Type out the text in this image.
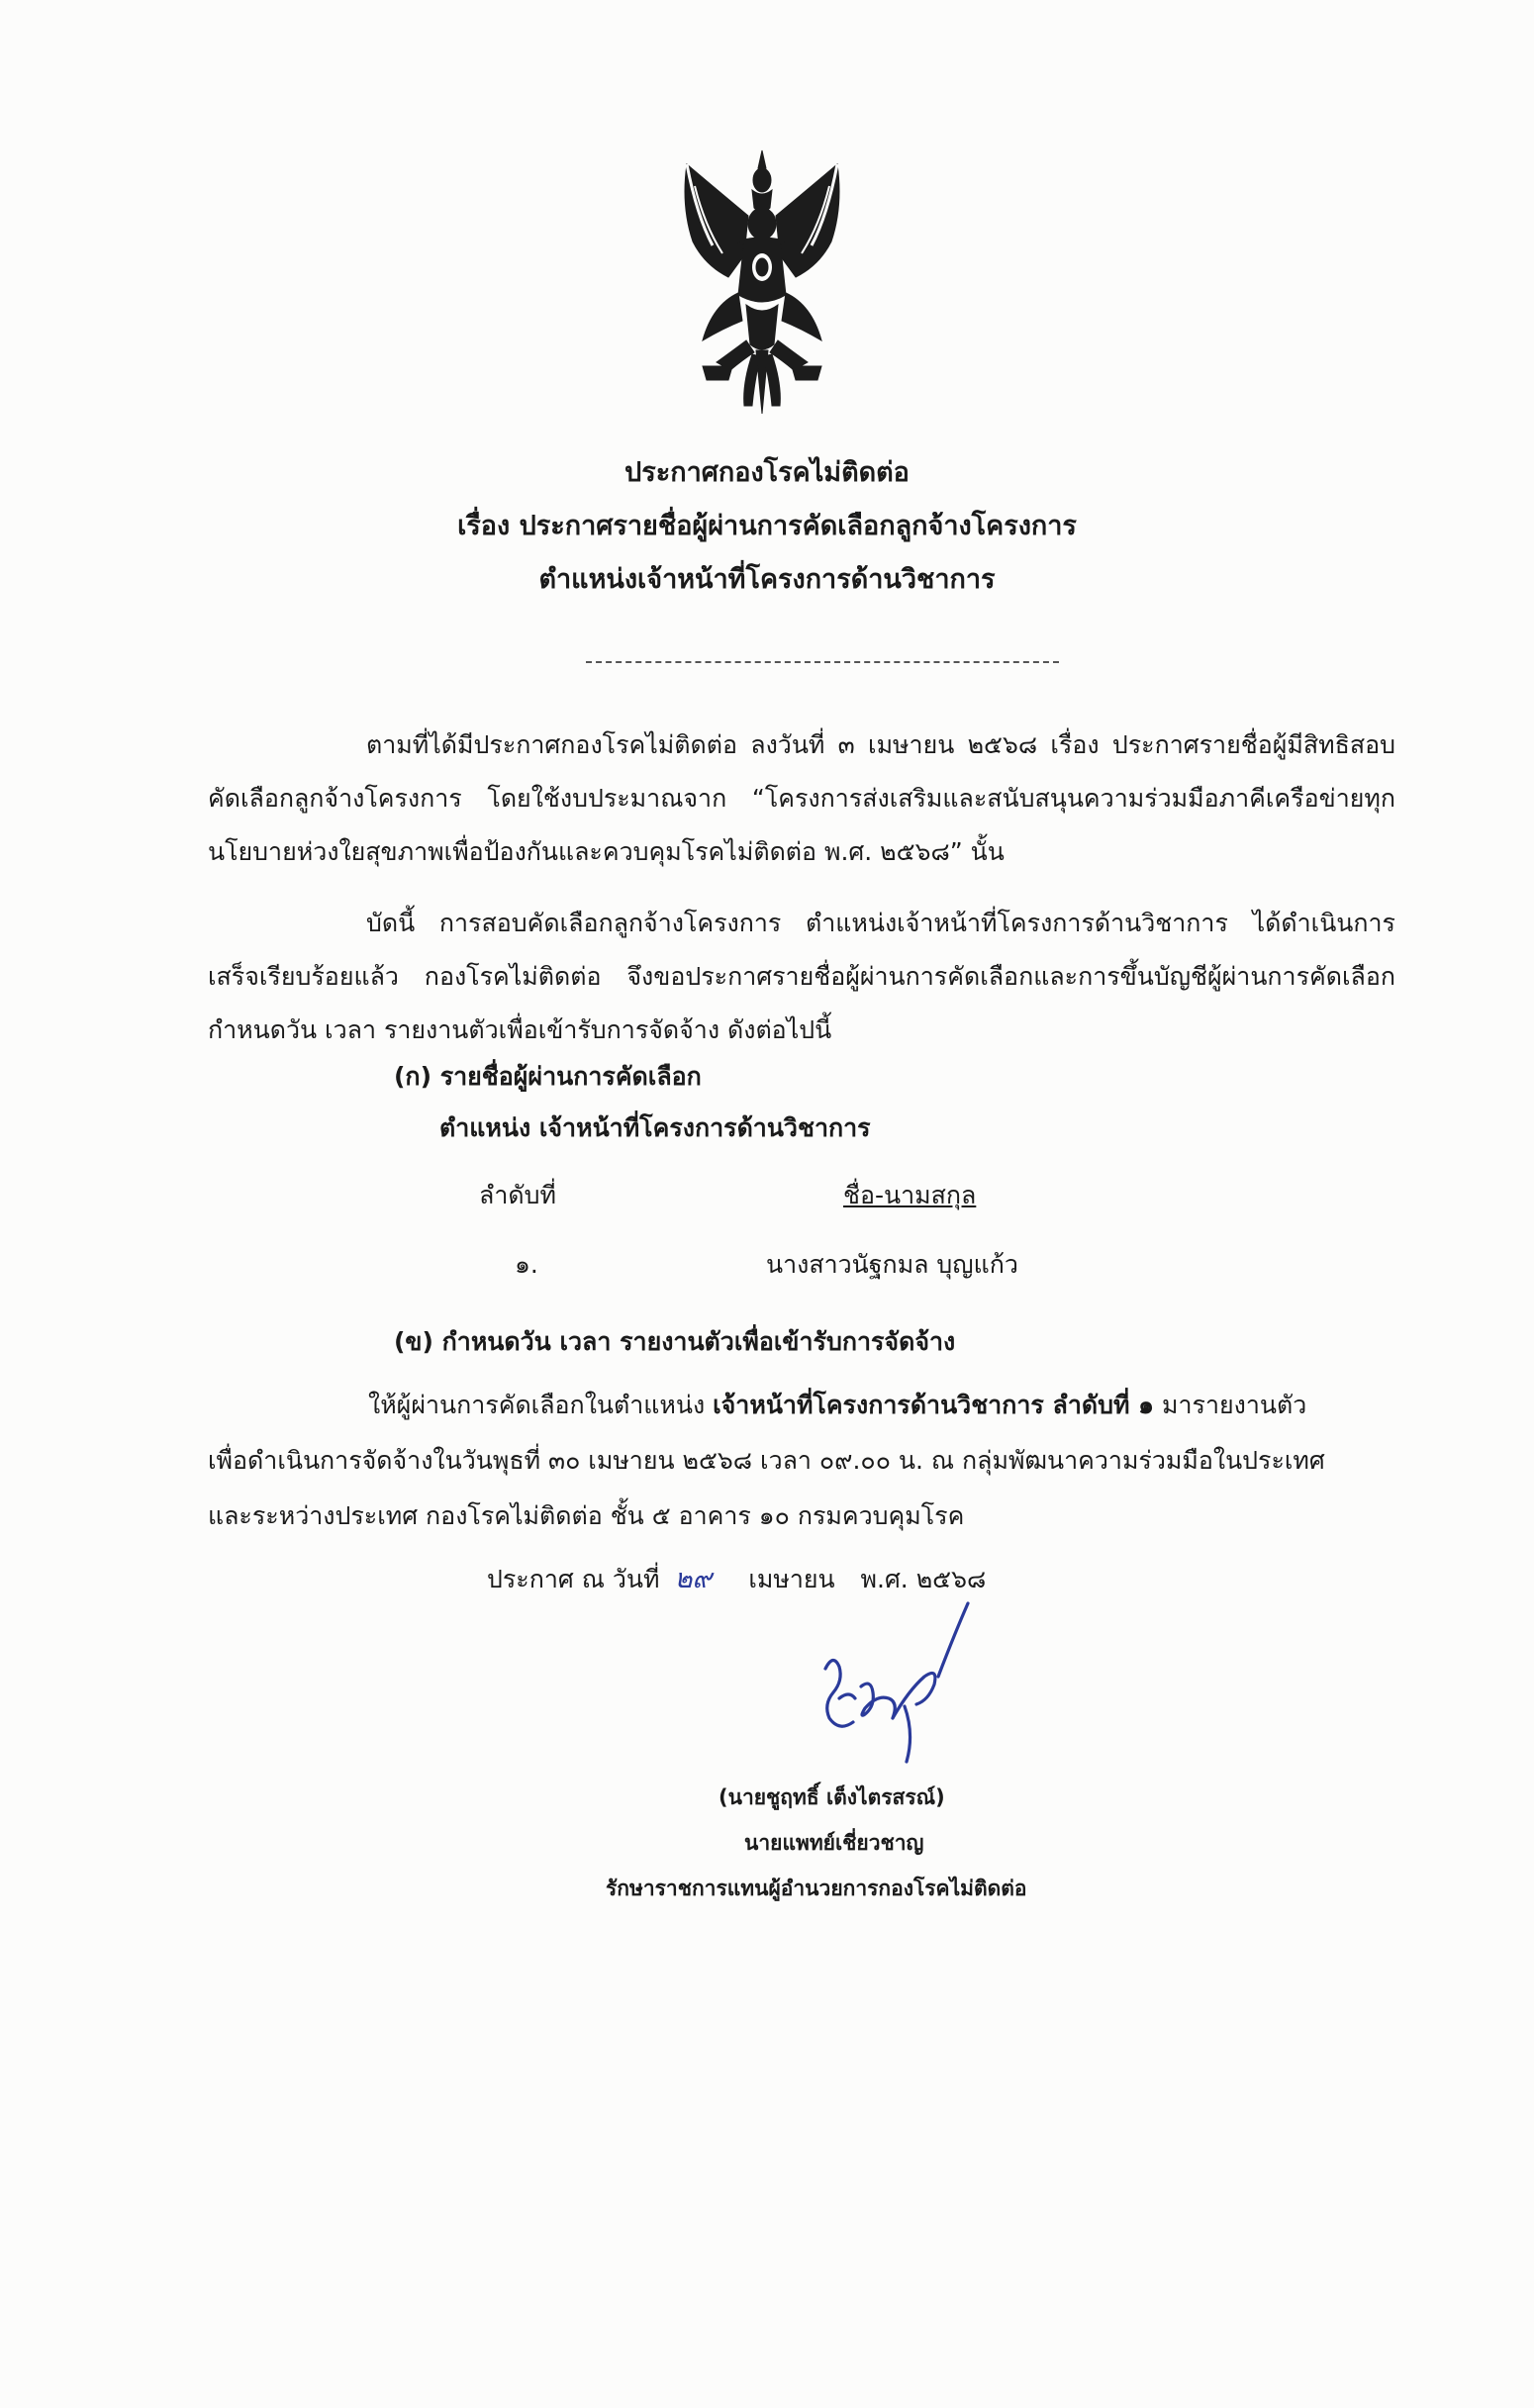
ประกาศกองโรคไม่ติดต่อ
เรื่อง ประกาศรายชื่อผู้ผ่านการคัดเลือกลูกจ้างโครงการ
ตำแหน่งเจ้าหน้าที่โครงการด้านวิชาการ
ตามที่ได้มีประกาศกองโรคไม่ติดต่อ ลงวันที่ ๓ เมษายน ๒๕๖๘ เรื่อง ประกาศรายชื่อผู้มีสิทธิสอบคัดเลือกลูกจ้างโครงการ โดยใช้งบประมาณจาก “โครงการส่งเสริมและสนับสนุนความร่วมมือภาคีเครือข่ายทุกนโยบายห่วงใยสุขภาพเพื่อป้องกันและควบคุมโรคไม่ติดต่อ พ.ศ. ๒๕๖๘” นั้น
บัดนี้ การสอบคัดเลือกลูกจ้างโครงการ ตำแหน่งเจ้าหน้าที่โครงการด้านวิชาการ ได้ดำเนินการเสร็จเรียบร้อยแล้ว กองโรคไม่ติดต่อ จึงขอประกาศรายชื่อผู้ผ่านการคัดเลือกและการขึ้นบัญชีผู้ผ่านการคัดเลือก กำหนดวัน เวลา รายงานตัวเพื่อเข้ารับการจัดจ้าง ดังต่อไปนี้
(ก) รายชื่อผู้ผ่านการคัดเลือก
ตำแหน่ง เจ้าหน้าที่โครงการด้านวิชาการ
ลำดับที่	ชื่อ-นามสกุล
๑.	นางสาวนัฐกมล บุญแก้ว
(ข) กำหนดวัน เวลา รายงานตัวเพื่อเข้ารับการจัดจ้าง
ให้ผู้ผ่านการคัดเลือกในตำแหน่ง เจ้าหน้าที่โครงการด้านวิชาการ ลำดับที่ ๑ มารายงานตัว
เพื่อดำเนินการจัดจ้างในวันพุธที่ ๓๐ เมษายน ๒๕๖๘ เวลา ๐๙.๐๐ น. ณ กลุ่มพัฒนาความร่วมมือในประเทศ
และระหว่างประเทศ กองโรคไม่ติดต่อ ชั้น ๕ อาคาร ๑๐ กรมควบคุมโรค
ประกาศ ณ วันที่ ๒๙ เมษายน พ.ศ. ๒๕๖๘
(นายชูฤทธิ์ เต็งไตรสรณ์)
นายแพทย์เชี่ยวชาญ
รักษาราชการแทนผู้อำนวยการกองโรคไม่ติดต่อ
